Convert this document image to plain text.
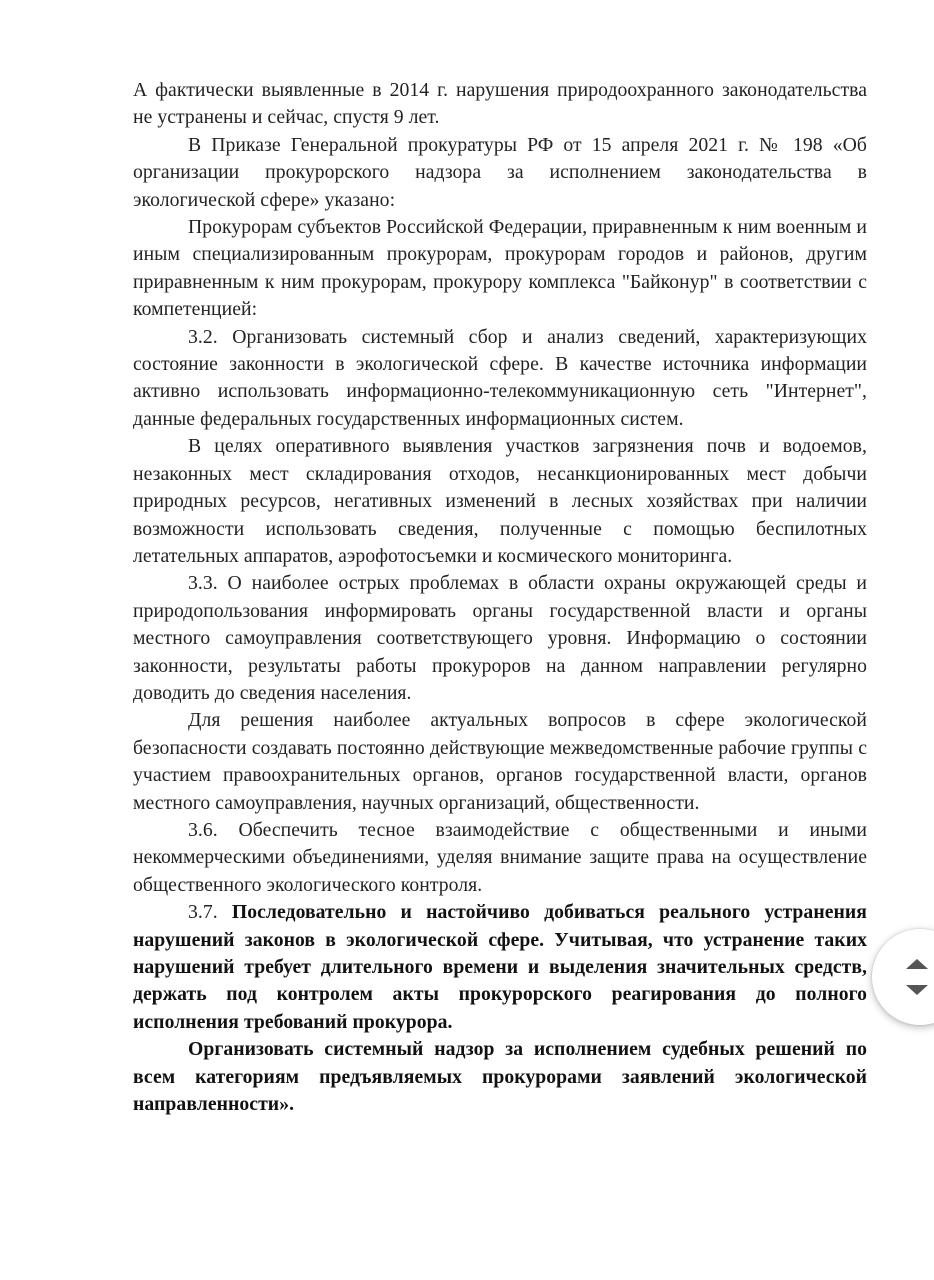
А фактически выявленные в 2014 г. нарушения природоохранного законодательства не устранены и сейчас, спустя 9 лет.

В Приказе Генеральной прокуратуры РФ от 15 апреля 2021 г. № 198 «Об организации прокурорского надзора за исполнением законодательства в экологической сфере» указано:

Прокурорам субъектов Российской Федерации, приравненным к ним военным и иным специализированным прокурорам, прокурорам городов и районов, другим приравненным к ним прокурорам, прокурору комплекса "Байконур" в соответствии с компетенцией:

3.2. Организовать системный сбор и анализ сведений, характеризующих состояние законности в экологической сфере. В качестве источника информации активно использовать информационно-телекоммуникационную сеть "Интернет", данные федеральных государственных информационных систем.

В целях оперативного выявления участков загрязнения почв и водоемов, незаконных мест складирования отходов, несанкционированных мест добычи природных ресурсов, негативных изменений в лесных хозяйствах при наличии возможности использовать сведения, полученные с помощью беспилотных летательных аппаратов, аэрофотосъемки и космического мониторинга.

3.3. О наиболее острых проблемах в области охраны окружающей среды и природопользования информировать органы государственной власти и органы местного самоуправления соответствующего уровня. Информацию о состоянии законности, результаты работы прокуроров на данном направлении регулярно доводить до сведения населения.

Для решения наиболее актуальных вопросов в сфере экологической безопасности создавать постоянно действующие межведомственные рабочие группы с участием правоохранительных органов, органов государственной власти, органов местного самоуправления, научных организаций, общественности.

3.6. Обеспечить тесное взаимодействие с общественными и иными некоммерческими объединениями, уделяя внимание защите права на осуществление общественного экологического контроля.

3.7. Последовательно и настойчиво добиваться реального устранения нарушений законов в экологической сфере. Учитывая, что устранение таких нарушений требует длительного времени и выделения значительных средств, держать под контролем акты прокурорского реагирования до полного исполнения требований прокурора.

Организовать системный надзор за исполнением судебных решений по всем категориям предъявляемых прокурорами заявлений экологической направленности».
